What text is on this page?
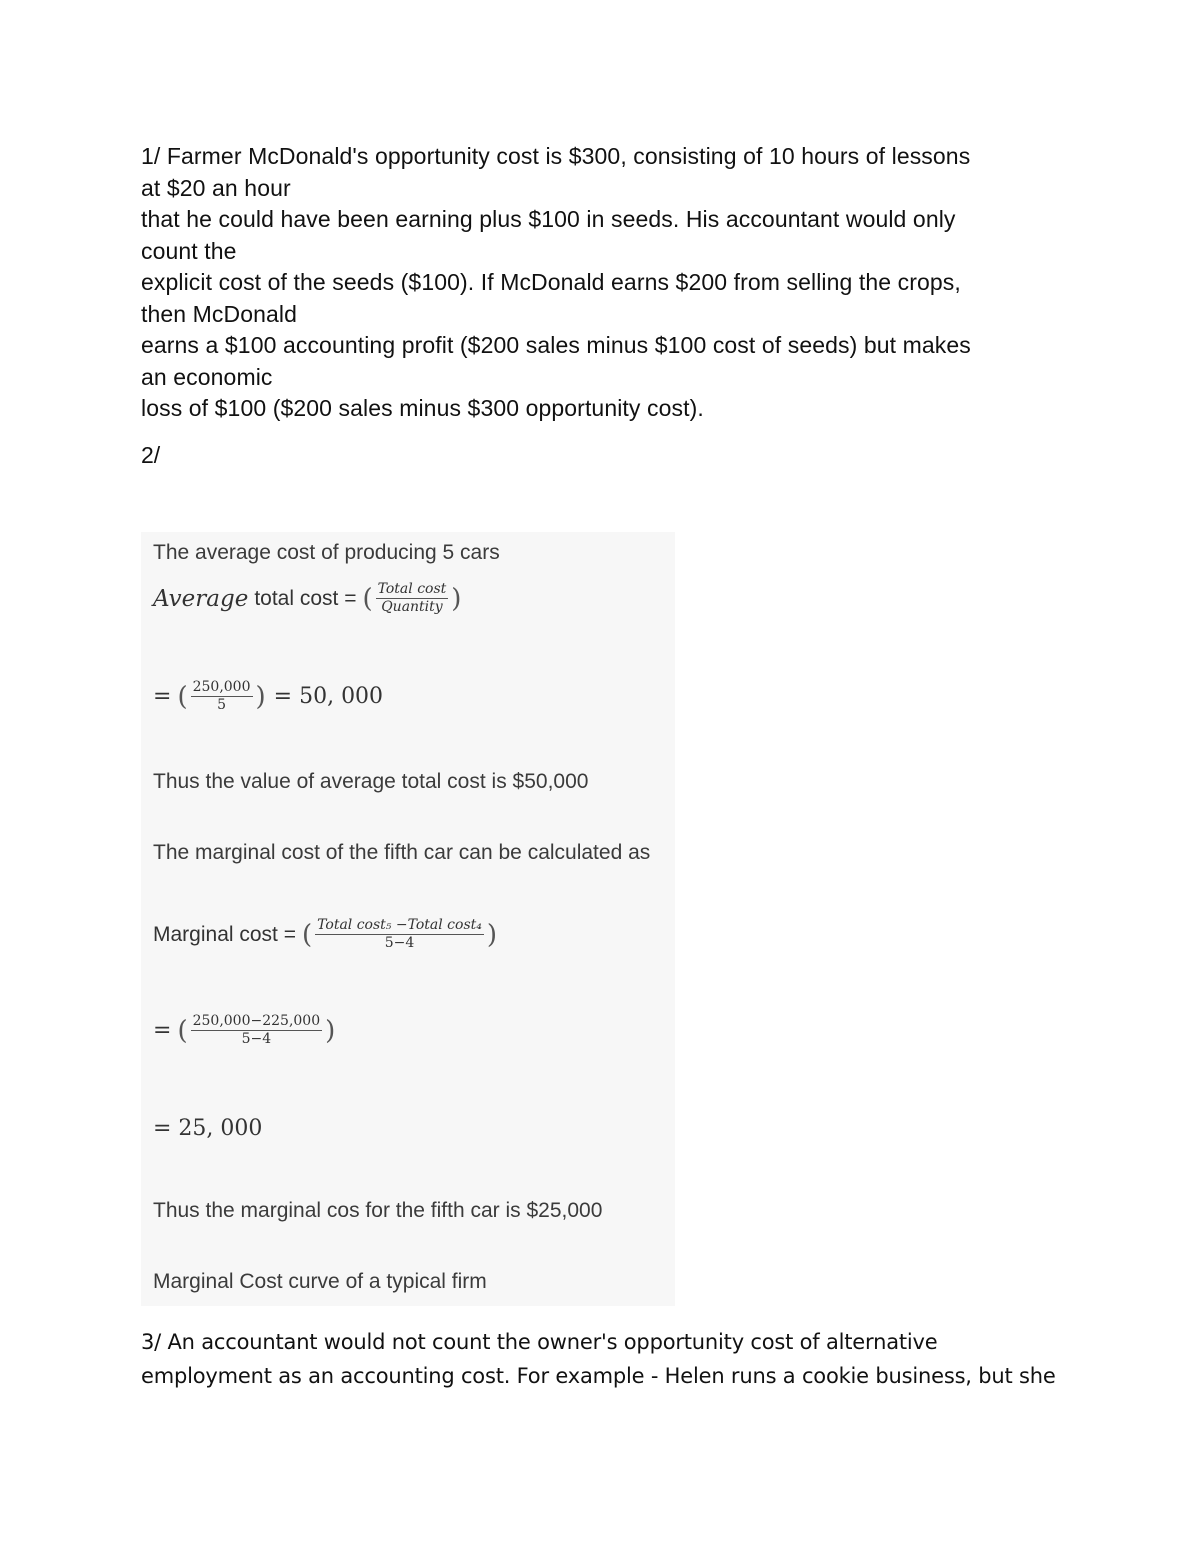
1/ Farmer McDonald's opportunity cost is $300, consisting of 10 hours of lessons
at $20 an hour
that he could have been earning plus $100 in seeds. His accountant would only
count the
explicit cost of the seeds ($100). If McDonald earns $200 from selling the crops,
then McDonald
earns a $100 accounting profit ($200 sales minus $100 cost of seeds) but makes
an economic
loss of $100 ($200 sales minus $300 opportunity cost).
2/
The average cost of producing 5 cars
Average total cost = ( $\frac{\text{Total cost}}{\text{Quantity}}$ )
= ( $\frac{250,000}{5}$ ) = 50, 000
Thus the value of average total cost is $50,000
The marginal cost of the fifth car can be calculated as
Marginal cost = ( $\frac{\text{Total cost₅ −Total cost₄}}{5-4}$ )
= ( $\frac{250,000-225,000}{5-4}$ )
= 25, 000
Thus the marginal cos for the fifth car is $25,000
Marginal Cost curve of a typical firm
3/ An accountant would not count the owner's opportunity cost of alternative
employment as an accounting cost. For example - Helen runs a cookie business, but she
